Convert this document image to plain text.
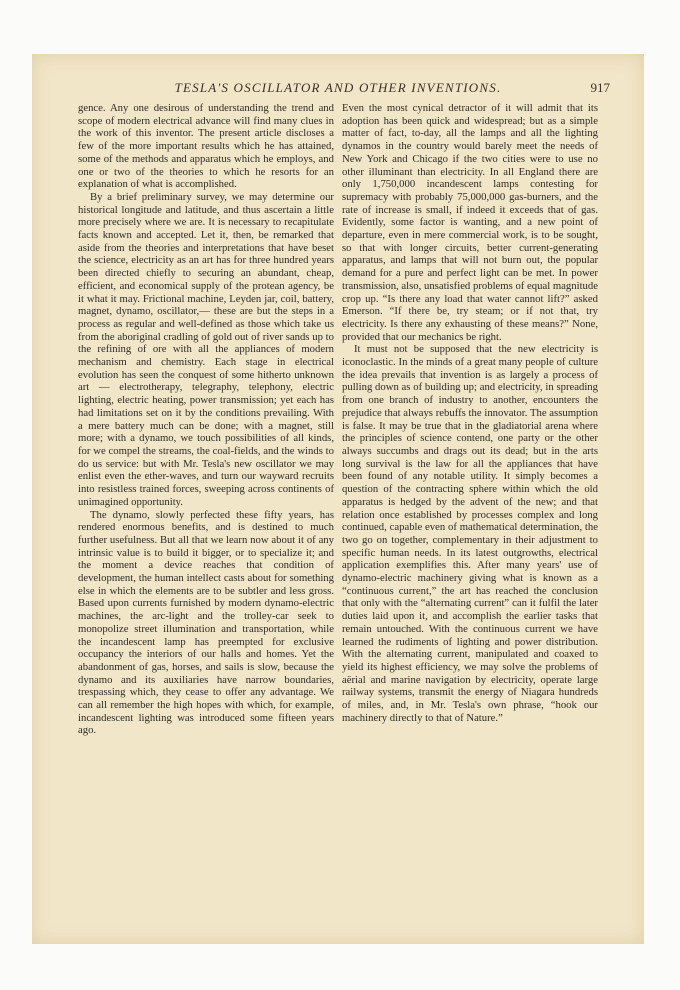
TESLA'S OSCILLATOR AND OTHER INVENTIONS.	917

gence. Any one desirous of understanding the trend and scope of modern electrical advance will find many clues in the work of this inventor. The present article discloses a few of the more important results which he has attained, some of the methods and apparatus which he employs, and one or two of the theories to which he resorts for an explanation of what is accomplished.

By a brief preliminary survey, we may determine our historical longitude and latitude, and thus ascertain a little more precisely where we are. It is necessary to recapitulate facts known and accepted. Let it, then, be remarked that aside from the theories and interpretations that have beset the science, electricity as an art has for three hundred years been directed chiefly to securing an abundant, cheap, efficient, and economical supply of the protean agency, be it what it may. Frictional machine, Leyden jar, coil, battery, magnet, dynamo, oscillator,— these are but the steps in a process as regular and well-defined as those which take us from the aboriginal cradling of gold out of river sands up to the refining of ore with all the appliances of modern mechanism and chemistry. Each stage in electrical evolution has seen the conquest of some hitherto unknown art — electrotherapy, telegraphy, telephony, electric lighting, electric heating, power transmission; yet each has had limitations set on it by the conditions prevailing. With a mere battery much can be done; with a magnet, still more; with a dynamo, we touch possibilities of all kinds, for we compel the streams, the coal-fields, and the winds to do us service: but with Mr. Tesla's new oscillator we may enlist even the ether-waves, and turn our wayward recruits into resistless trained forces, sweeping across continents of unimagined opportunity.

The dynamo, slowly perfected these fifty years, has rendered enormous benefits, and is destined to much further usefulness. But all that we learn now about it of any intrinsic value is to build it bigger, or to specialize it; and the moment a device reaches that condition of development, the human intellect casts about for something else in which the elements are to be subtler and less gross. Based upon currents furnished by modern dynamo-electric machines, the arc-light and the trolley-car seek to monopolize street illumination and transportation, while the incandescent lamp has preempted for exclusive occupancy the interiors of our halls and homes. Yet the abandonment of gas, horses, and sails is slow, because the dynamo and its auxiliaries have narrow boundaries, trespassing which, they cease to offer any advantage. We can all remember the high hopes with which, for example, incandescent lighting was introduced some fifteen years ago.

Even the most cynical detractor of it will admit that its adoption has been quick and widespread; but as a simple matter of fact, to-day, all the lamps and all the lighting dynamos in the country would barely meet the needs of New York and Chicago if the two cities were to use no other illuminant than electricity. In all England there are only 1,750,000 incandescent lamps contesting for supremacy with probably 75,000,000 gas-burners, and the rate of increase is small, if indeed it exceeds that of gas. Evidently, some factor is wanting, and a new point of departure, even in mere commercial work, is to be sought, so that with longer circuits, better current-generating apparatus, and lamps that will not burn out, the popular demand for a pure and perfect light can be met. In power transmission, also, unsatisfied problems of equal magnitude crop up. “Is there any load that water cannot lift?” asked Emerson. “If there be, try steam; or if not that, try electricity. Is there any exhausting of these means?” None, provided that our mechanics be right.

It must not be supposed that the new electricity is iconoclastic. In the minds of a great many people of culture the idea prevails that invention is as largely a process of pulling down as of building up; and electricity, in spreading from one branch of industry to another, encounters the prejudice that always rebuffs the innovator. The assumption is false. It may be true that in the gladiatorial arena where the principles of science contend, one party or the other always succumbs and drags out its dead; but in the arts long survival is the law for all the appliances that have been found of any notable utility. It simply becomes a question of the contracting sphere within which the old apparatus is hedged by the advent of the new; and that relation once established by processes complex and long continued, capable even of mathematical determination, the two go on together, complementary in their adjustment to specific human needs. In its latest outgrowths, electrical application exemplifies this. After many years' use of dynamo-electric machinery giving what is known as a “continuous current,” the art has reached the conclusion that only with the “alternating current” can it fulfil the later duties laid upon it, and accomplish the earlier tasks that remain untouched. With the continuous current we have learned the rudiments of lighting and power distribution. With the alternating current, manipulated and coaxed to yield its highest efficiency, we may solve the problems of aërial and marine navigation by electricity, operate large railway systems, transmit the energy of Niagara hundreds of miles, and, in Mr. Tesla's own phrase, “hook our machinery directly to that of Nature.”
